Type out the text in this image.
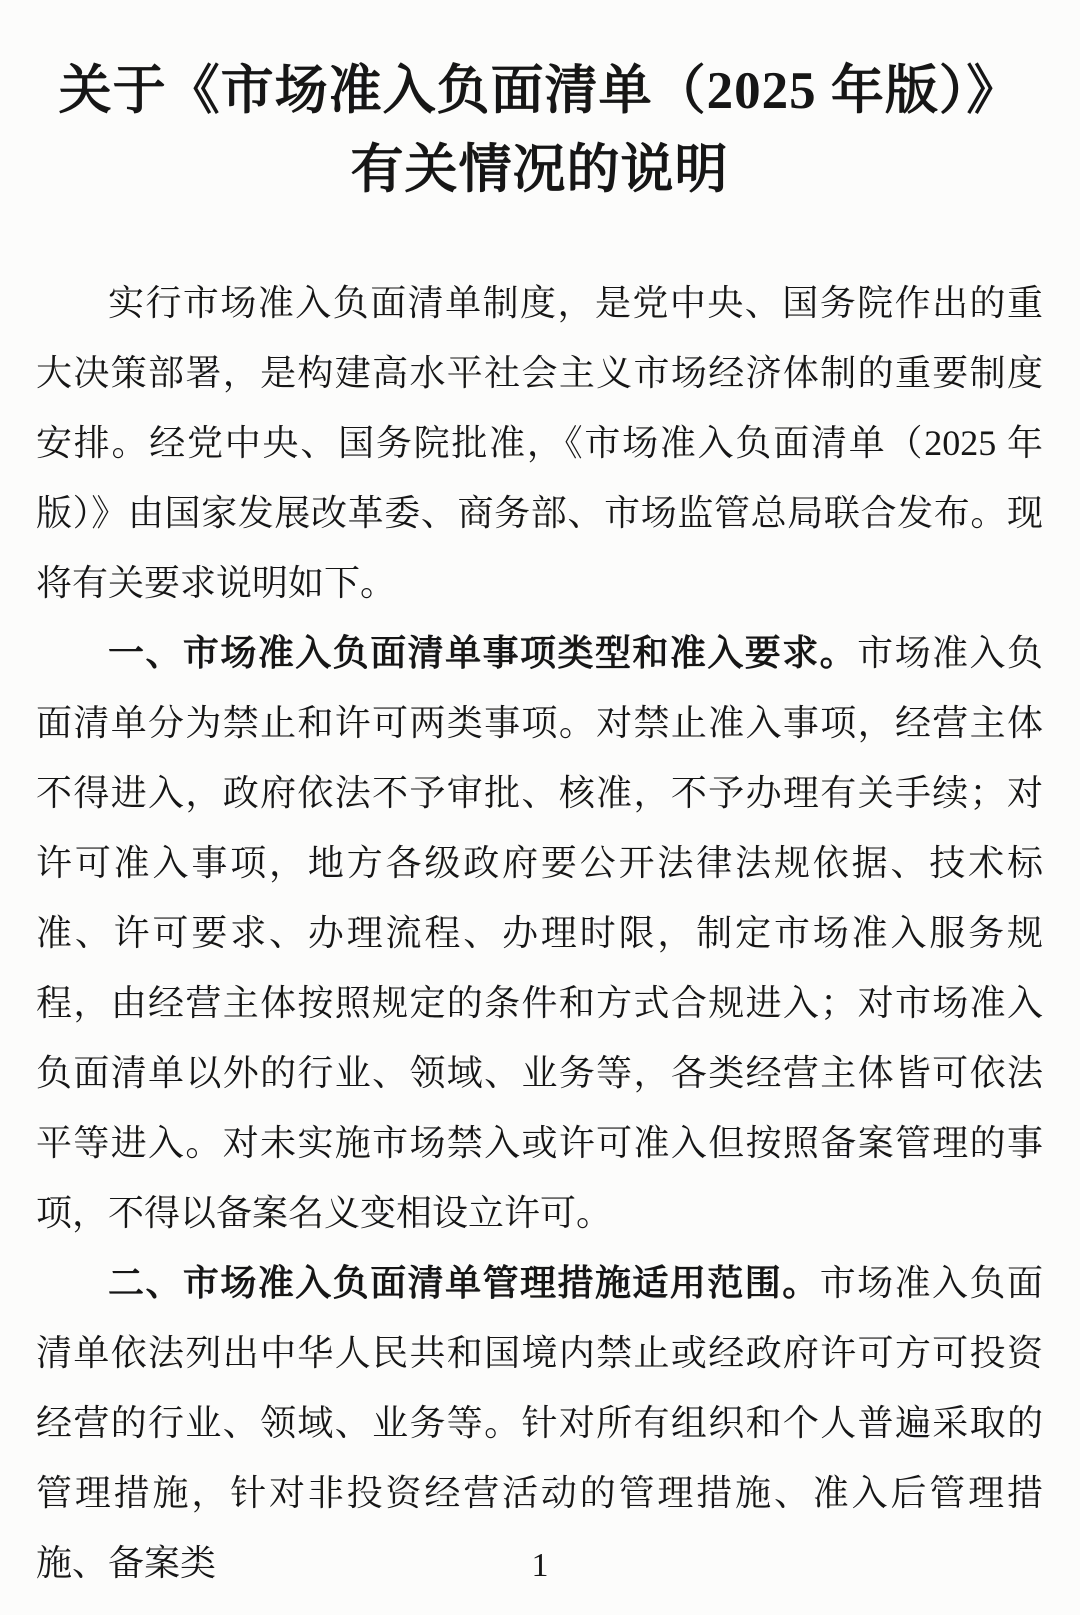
关于《市场准入负面清单（2025 年版）》
有关情况的说明

实行市场准入负面清单制度，是党中央、国务院作出的重大决策部署，是构建高水平社会主义市场经济体制的重要制度安排。经党中央、国务院批准，《市场准入负面清单（2025 年版）》由国家发展改革委、商务部、市场监管总局联合发布。现将有关要求说明如下。

一、市场准入负面清单事项类型和准入要求。市场准入负面清单分为禁止和许可两类事项。对禁止准入事项，经营主体不得进入，政府依法不予审批、核准，不予办理有关手续；对许可准入事项，地方各级政府要公开法律法规依据、技术标准、许可要求、办理流程、办理时限，制定市场准入服务规程，由经营主体按照规定的条件和方式合规进入；对市场准入负面清单以外的行业、领域、业务等，各类经营主体皆可依法平等进入。对未实施市场禁入或许可准入但按照备案管理的事项，不得以备案名义变相设立许可。

二、市场准入负面清单管理措施适用范围。市场准入负面清单依法列出中华人民共和国境内禁止或经政府许可方可投资经营的行业、领域、业务等。针对所有组织和个人普遍采取的管理措施，针对非投资经营活动的管理措施、准入后管理措施、备案类	1
